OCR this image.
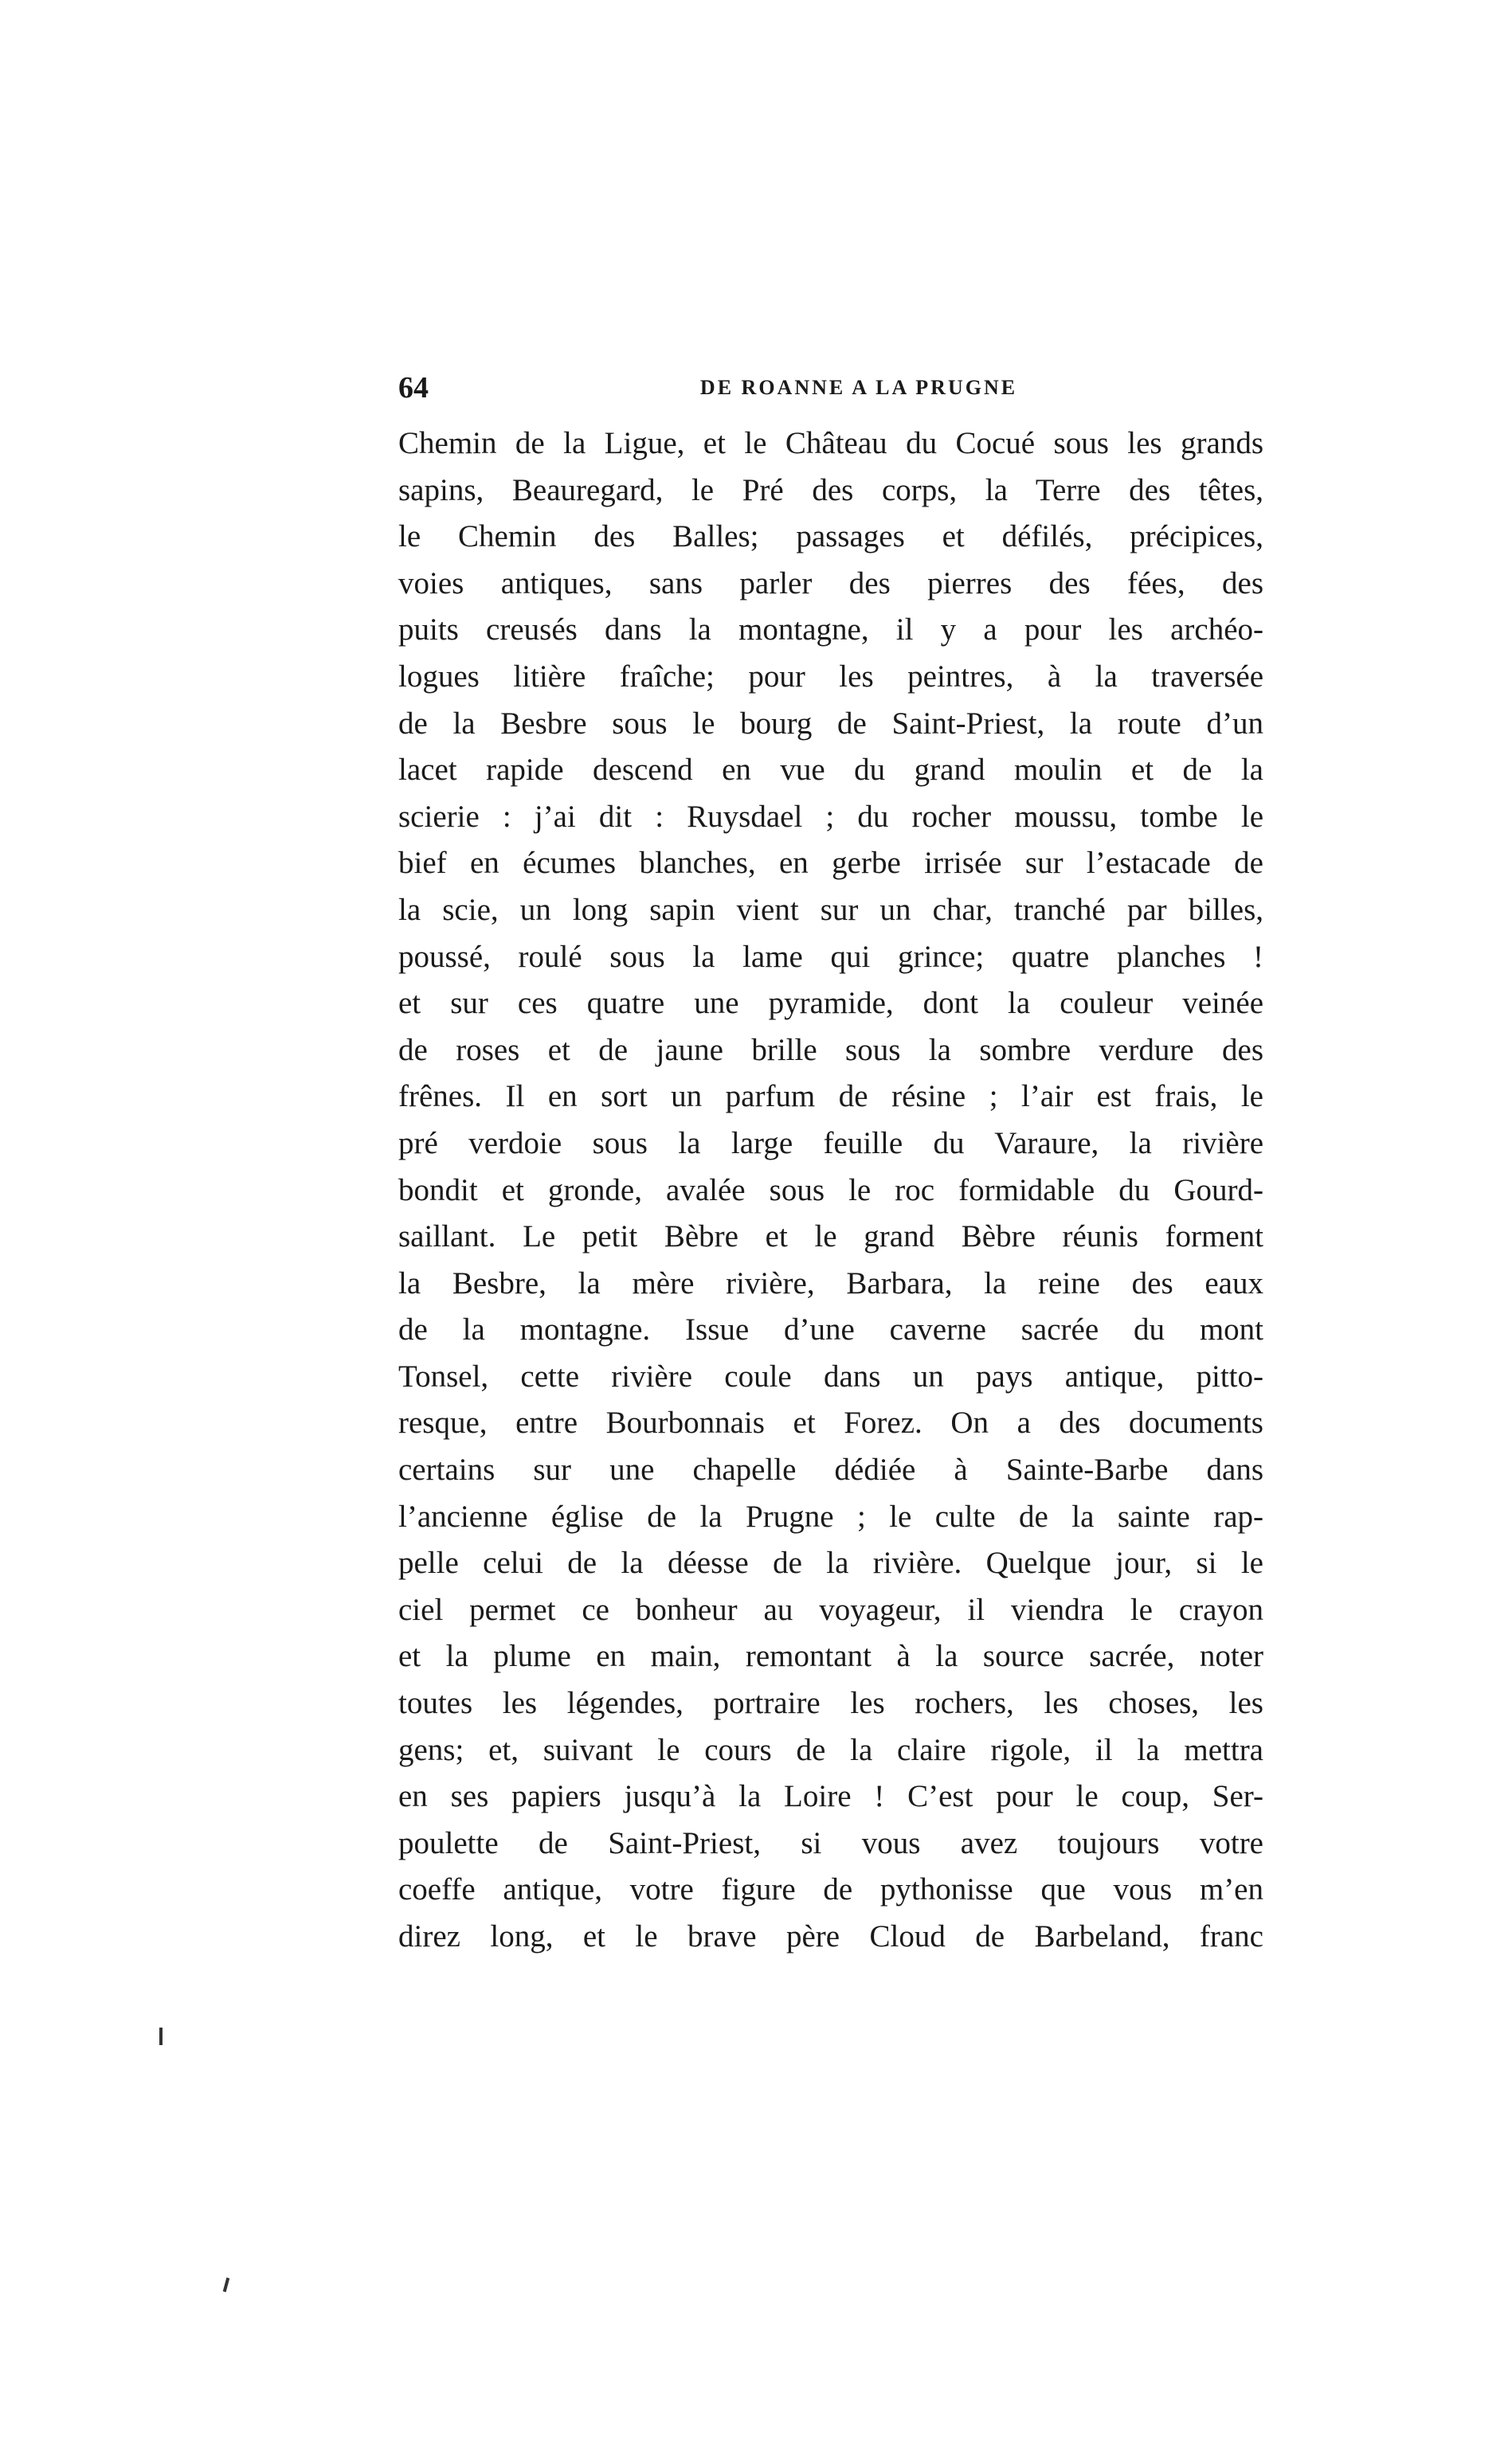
64	DE ROANNE A LA PRUGNE
Chemin de la Ligue, et le Château du Cocué sous les grands
sapins, Beauregard, le Pré des corps, la Terre des têtes,
le Chemin des Balles; passages et défilés, précipices,
voies antiques, sans parler des pierres des fées, des
puits creusés dans la montagne, il y a pour les archéo-
logues litière fraîche; pour les peintres, à la traversée
de la Besbre sous le bourg de Saint-Priest, la route d’un
lacet rapide descend en vue du grand moulin et de la
scierie : j’ai dit : Ruysdael ; du rocher moussu, tombe le
bief en écumes blanches, en gerbe irrisée sur l’estacade de
la scie, un long sapin vient sur un char, tranché par billes,
poussé, roulé sous la lame qui grince; quatre planches !
et sur ces quatre une pyramide, dont la couleur veinée
de roses et de jaune brille sous la sombre verdure des
frênes. Il en sort un parfum de résine ; l’air est frais, le
pré verdoie sous la large feuille du Varaure, la rivière
bondit et gronde, avalée sous le roc formidable du Gourd-
saillant. Le petit Bèbre et le grand Bèbre réunis forment
la Besbre, la mère rivière, Barbara, la reine des eaux
de la montagne. Issue d’une caverne sacrée du mont
Tonsel, cette rivière coule dans un pays antique, pitto-
resque, entre Bourbonnais et Forez. On a des documents
certains sur une chapelle dédiée à Sainte-Barbe dans
l’ancienne église de la Prugne ; le culte de la sainte rap-
pelle celui de la déesse de la rivière. Quelque jour, si le
ciel permet ce bonheur au voyageur, il viendra le crayon
et la plume en main, remontant à la source sacrée, noter
toutes les légendes, portraire les rochers, les choses, les
gens; et, suivant le cours de la claire rigole, il la mettra
en ses papiers jusqu’à la Loire ! C’est pour le coup, Ser-
poulette de Saint-Priest, si vous avez toujours votre
coeffe antique, votre figure de pythonisse que vous m’en
direz long, et le brave père Cloud de Barbeland, franc
